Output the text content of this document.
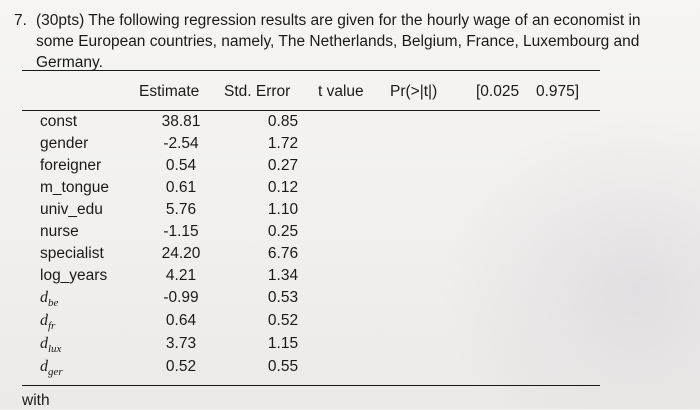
7. (30pts) The following regression results are given for the hourly wage of an economist in
some European countries, namely, The Netherlands, Belgium, France, Luxembourg and
Germany.
Estimate Std. Error t value Pr(>|t|)	[0.025 0.975]
const	38.81	0.85
gender	-2.54	1.72
foreigner	0.54	0.27
m_tongue	0.61	0.12
univ_edu	5.76	1.10
nurse	-1.15	0.25
specialist	24.20	6.76
log_years	4.21	1.34
$d_{be}$	-0.99	0.53
$d_{fr}$	0.64	0.52
$d_{lux}$	3.73	1.15
$d_{ger}$	0.52	0.55
with
